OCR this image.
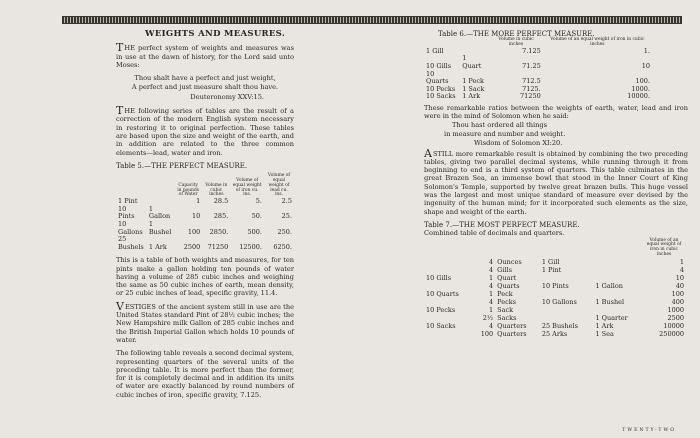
WEIGHTS AND MEASURES.

THE perfect system of weights and measures was in use at the dawn of history, for the Lord said unto Moses:

Thou shalt have a perfect and just weight,
A perfect and just measure shalt thou have.
Deuteronomy XXV:15.

THE following series of tables are the result of a correction of the modern English system necessary in restoring it to original perfection. These tables are based upon the size and weight of the earth, and in addition are related to the three common elements—lead, water and iron.

Table 5.—THE PERFECT MEASURE.
		Capacity in pounds of Water	Volume in cubic inches	Volume of equal weight of iron cu. ins.	Volume of equal weight of lead cu. ins.
1 Pint		1	28.5	5.	2.5
10 Pints	1 Gallon	10	285.	50.	25.
10 Gallons	1 Bushel	100	2850.	500.	250.
25 Bushels	1 Ark	2500	71250	12500.	6250.

This is a table of both weights and measures, for ten pints make a gallon holding ten pounds of water having a volume of 285 cubic inches and weighing the same as 50 cubic inches of earth, mean density, or 25 cubic inches of lead, specific gravity, 11.4.

VESTIGES of the ancient system still in use are the United States standard Pint of 28½ cubic inches; the New Hampshire milk Gallon of 285 cubic inches and the British Imperial Gallon which holds 10 pounds of water.

The following table reveals a second decimal system, representing quarters of the several units of the preceding table. It is more perfect than the former, for it is completely decimal and in addition its units of water are exactly balanced by round numbers of cubic inches of iron, specific gravity, 7.125.

Table 6.—THE MORE PERFECT MEASURE.
		Volume in cubic inches	Volume of an equal weight of iron in cubic inches
1 Gill		7.125	1.
10 Gills	1 Quart	71.25	10
10 Quarts	1 Peck	712.5	100.
10 Pecks	1 Sack	7125.	1000.
10 Sacks	1 Ark	71250	10000.

These remarkable ratios between the weights of earth, water, lead and iron were in the mind of Solomon when he said:

Thou hast ordered all things
in measure and number and weight.
Wisdom of Solomon XI:20.

ASTILL more remarkable result is obtained by combining the two preceding tables, giving two parallel decimal systems, while running through it from beginning to end is a third system of quarters. This table culminates in the great Brazen Sea, an immense bowl that stood in the Inner Court of King Solomon's Temple, supported by twelve great brazen bulls. This huge vessel was the largest and most unique standard of measure ever devised by the ingenuity of the human mind; for it incorporated such elements as the size, shape and weight of the earth.

Table 7.—THE MOST PERFECT MEASURE.
Combined table of decimals and quarters.
					Volume of an equal weight of iron in cubic inches
	4	Ounces	1 Gill		1
	4	Gills	1 Pint		4
10 Gills	1	Quart			10
	4	Quarts	10 Pints	1 Gallon	40
10 Quarts	1	Peck			100
	4	Pecks	10 Gallons	1 Bushel	400
10 Pecks	1	Sack			1000
	2½	Sacks		1 Quarter	2500
10 Sacks	4	Quarters	25 Bushels	1 Ark	10000
	100	Quarters	25 Arks	1 Sea	250000
TWENTY-TWO
